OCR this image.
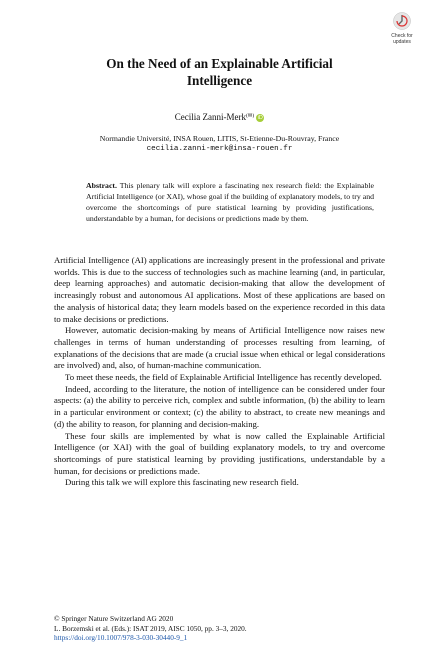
Check for
updates
On the Need of an Explainable Artificial
Intelligence
Cecilia Zanni-Merk(✉) iD
Normandie Université, INSA Rouen, LITIS, St-Etienne-Du-Rouvray, France
cecilia.zanni-merk@insa-rouen.fr

Abstract. This plenary talk will explore a fascinating nex research field: the Explainable Artificial Intelligence (or XAI), whose goal if the building of explanatory models, to try and overcome the shortcomings of pure statistical learning by providing justifications, understandable by a human, for decisions or predictions made by them.

Artificial Intelligence (AI) applications are increasingly present in the professional and private worlds. This is due to the success of technologies such as machine learning (and, in particular, deep learning approaches) and automatic decision-making that allow the development of increasingly robust and autonomous AI applications. Most of these applications are based on the analysis of historical data; they learn models based on the experience recorded in this data to make decisions or predictions.

However, automatic decision-making by means of Artificial Intelligence now raises new challenges in terms of human understanding of processes resulting from learning, of explanations of the decisions that are made (a crucial issue when ethical or legal considerations are involved) and, also, of human-machine communication.

To meet these needs, the field of Explainable Artificial Intelligence has recently developed.

Indeed, according to the literature, the notion of intelligence can be considered under four aspects: (a) the ability to perceive rich, complex and subtle information, (b) the ability to learn in a particular environment or context; (c) the ability to abstract, to create new meanings and (d) the ability to reason, for planning and decision-making.

These four skills are implemented by what is now called the Explainable Artificial Intelligence (or XAI) with the goal of building explanatory models, to try and overcome shortcomings of pure statistical learning by providing justifications, understandable by a human, for decisions or predictions made.

During this talk we will explore this fascinating new research field.

© Springer Nature Switzerland AG 2020
L. Borzemski et al. (Eds.): ISAT 2019, AISC 1050, pp. 3–3, 2020.
https://doi.org/10.1007/978-3-030-30440-9_1
